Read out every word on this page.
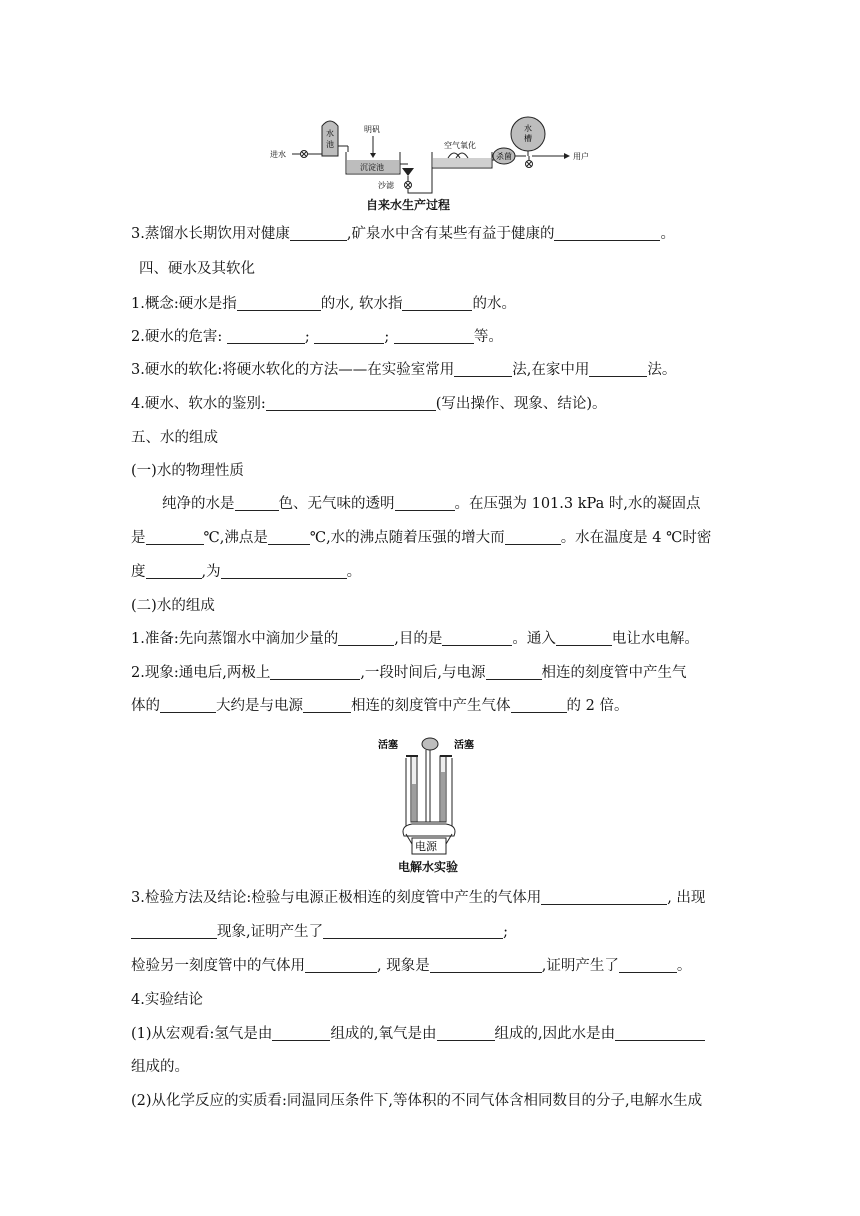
进水
水
池
明矾
沉淀池
沙滤
空气氧化
杀菌
水
槽
用户
自来水生产过程
3.蒸馏水长期饮用对健康	,矿泉水中含有某些有益于健康的	。
四、硬水及其软化
1.概念:硬水是指	的水, 软水指	的水。
2.硬水的危害:	;	;	等。
3.硬水的软化:将硬水软化的方法——在实验室常用	法,在家中用	法。
4.硬水、软水的鉴别:	(写出操作、现象、结论)。
五、水的组成
(一)水的物理性质
纯净的水是	色、无气味的透明	。在压强为 101.3 kPa 时,水的凝固点
是	℃,沸点是	℃,水的沸点随着压强的增大而	。水在温度是 4 ℃时密
度	,为	。
(二)水的组成
1.准备:先向蒸馏水中滴加少量的	,目的是	。通入	电让水电解。
2.现象:通电后,两极上	,一段时间后,与电源	相连的刻度管中产生气
体的	大约是与电源	相连的刻度管中产生气体	的 2 倍。
电源
活塞	活塞
电解水实验
3.检验方法及结论:检验与电源正极相连的刻度管中产生的气体用	, 出现
现象,证明产生了	;
检验另一刻度管中的气体用	, 现象是	,证明产生了	。
4.实验结论
(1)从宏观看:氢气是由	组成的,氧气是由	组成的,因此水是由
组成的。
(2)从化学反应的实质看:同温同压条件下,等体积的不同气体含相同数目的分子,电解水生成
